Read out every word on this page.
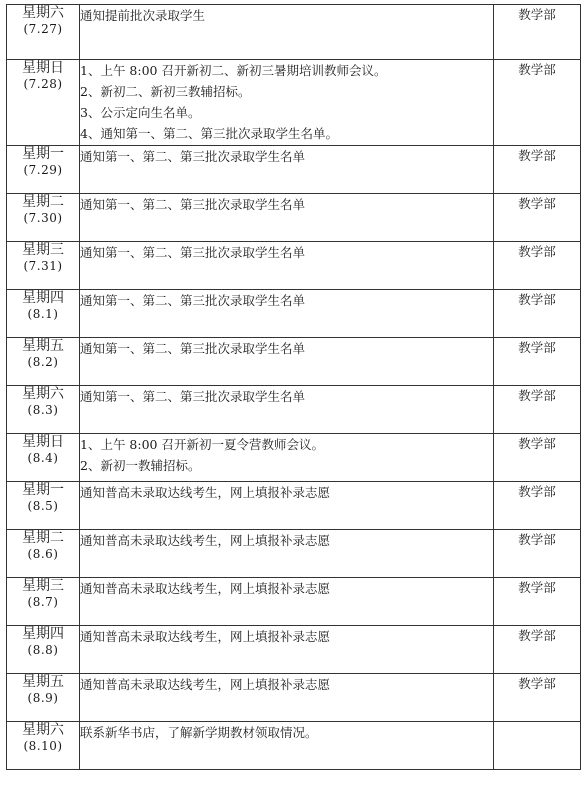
星期六
(7.27)	通知提前批次录取学生	教学部

星期日
(7.28)	1、上午 8:00 召开新初二、新初三暑期培训教师会议。
2、新初二、新初三教辅招标。
3、公示定向生名单。
4、通知第一、第二、第三批次录取学生名单。	教学部

星期一
(7.29)	通知第一、第二、第三批次录取学生名单	教学部

星期二
(7.30)	通知第一、第二、第三批次录取学生名单	教学部

星期三
(7.31)	通知第一、第二、第三批次录取学生名单	教学部

星期四
(8.1)	通知第一、第二、第三批次录取学生名单	教学部

星期五
(8.2)	通知第一、第二、第三批次录取学生名单	教学部

星期六
(8.3)	通知第一、第二、第三批次录取学生名单	教学部

星期日
(8.4)	1、上午 8:00 召开新初一夏令营教师会议。
2、新初一教辅招标。	教学部

星期一
(8.5)	通知普高未录取达线考生，网上填报补录志愿	教学部

星期二
(8.6)	通知普高未录取达线考生，网上填报补录志愿	教学部

星期三
(8.7)	通知普高未录取达线考生，网上填报补录志愿	教学部

星期四
(8.8)	通知普高未录取达线考生，网上填报补录志愿	教学部

星期五
(8.9)	通知普高未录取达线考生，网上填报补录志愿	教学部

星期六
(8.10)	联系新华书店，了解新学期教材领取情况。	
